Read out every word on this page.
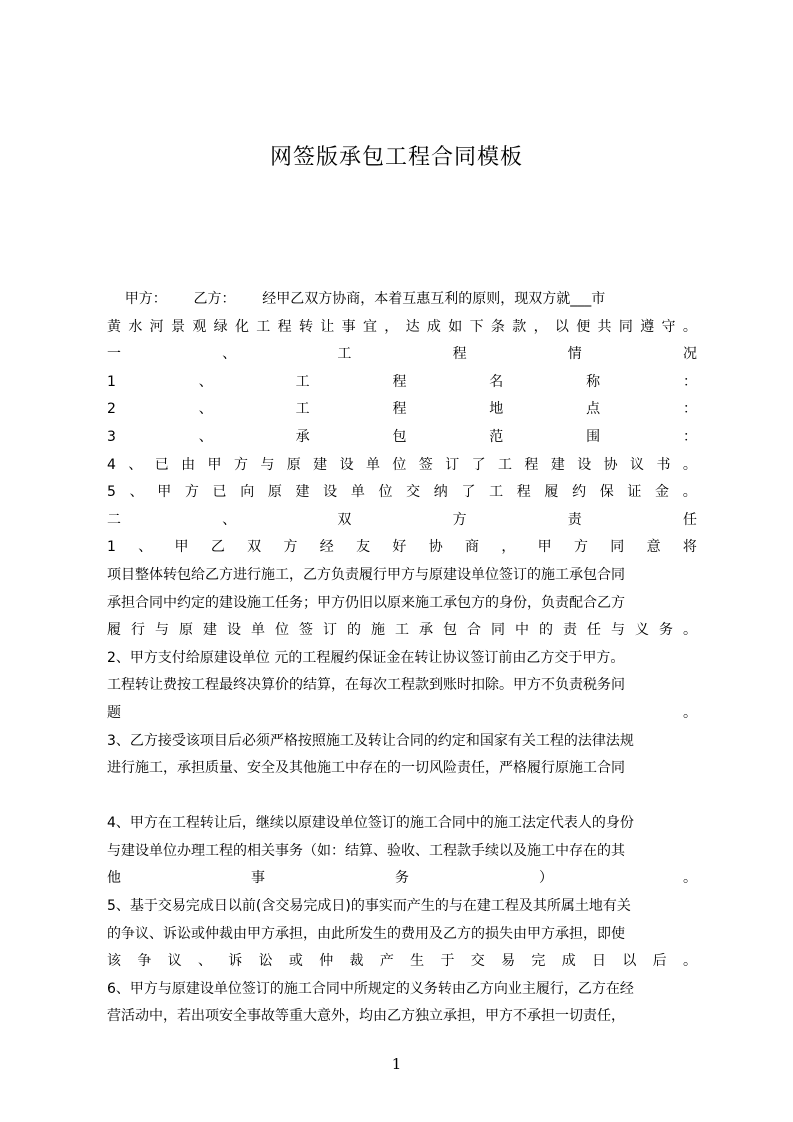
网签版承包工程合同模板
甲方：      乙方：      经甲乙双方协商，本着互惠互利的原则，现双方就___市
黄 水 河 景 观 绿 化 工 程 转 让 事 宜 ， 达 成 如 下 条 款 ， 以 便 共 同 遵 守 。
一	、	工	程	情	况
1	、	工	程	名	称	：
2	、	工	程	地	点	：
3	、	承	包	范	围	：
4 、 已 由 甲 方 与 原 建 设 单 位 签 订 了 工 程 建 设 协 议 书 。
5 、 甲 方 已 向 原 建 设 单 位 交 纳 了 工 程 履 约 保 证 金 。
二	、	双	方	责	任
1 、 甲 乙 双 方 经 友 好 协 商 ， 甲 方 同 意 将
项目整体转包给乙方进行施工，乙方负责履行甲方与原建设单位签订的施工承包合同
承担合同中约定的建设施工任务；甲方仍旧以原来施工承包方的身份，负责配合乙方
履 行 与 原 建 设 单 位 签 订 的 施 工 承 包 合 同 中 的 责 任 与 义 务 。
2、甲方支付给原建设单位 元的工程履约保证金在转让协议签订前由乙方交于甲方。
工程转让费按工程最终决算价的结算，在每次工程款到账时扣除。甲方不负责税务问
题	。
3、乙方接受该项目后必须严格按照施工及转让合同的约定和国家有关工程的法律法规
进行施工，承担质量、安全及其他施工中存在的一切风险责任，严格履行原施工合同
4、甲方在工程转让后，继续以原建设单位签订的施工合同中的施工法定代表人的身份
与建设单位办理工程的相关事务（如：结算、验收、工程款手续以及施工中存在的其
他	事	务	）	。
5、基于交易完成日以前(含交易完成日)的事实而产生的与在建工程及其所属土地有关
的争议、诉讼或仲裁由甲方承担，由此所发生的费用及乙方的损失由甲方承担，即使
该 争 议 、 诉 讼 或 仲 裁 产 生 于 交 易 完 成 日 以 后 。
6、甲方与原建设单位签订的施工合同中所规定的义务转由乙方向业主履行，乙方在经
营活动中，若出项安全事故等重大意外，均由乙方独立承担，甲方不承担一切责任，
1
